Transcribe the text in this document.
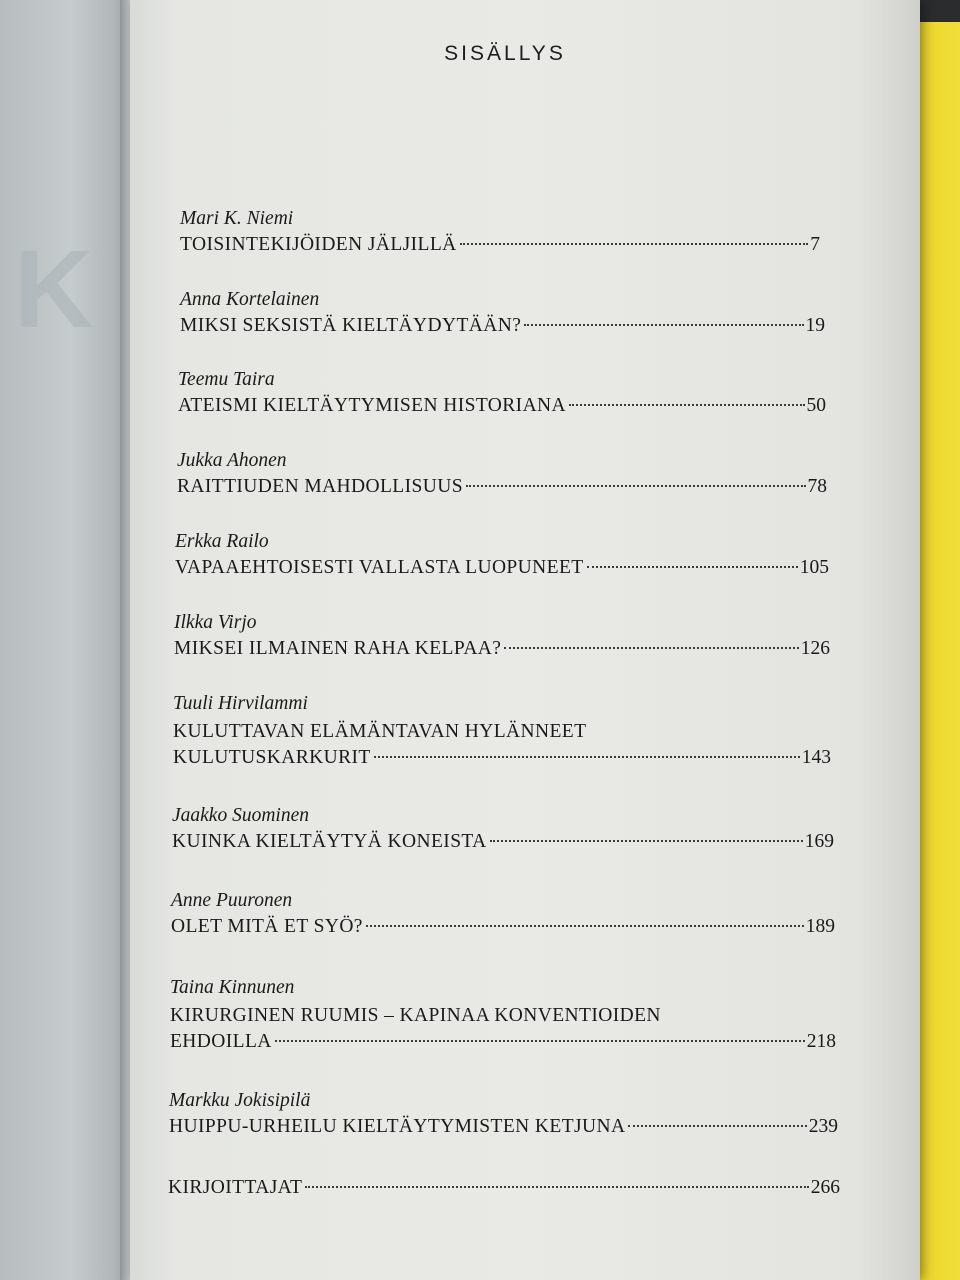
K
SISÄLLYS
Mari K. Niemi
TOISINTEKIJÖIDEN JÄLJILLÄ	7
Anna Kortelainen
MIKSI SEKSISTÄ KIELTÄYDYTÄÄN?	19
Teemu Taira
ATEISMI KIELTÄYTYMISEN HISTORIANA	50
Jukka Ahonen
RAITTIUDEN MAHDOLLISUUS	78
Erkka Railo
VAPAAEHTOISESTI VALLASTA LUOPUNEET	105
Ilkka Virjo
MIKSEI ILMAINEN RAHA KELPAA?	126
Tuuli Hirvilammi
KULUTTAVAN ELÄMÄNTAVAN HYLÄNNEET
KULUTUSKARKURIT	143
Jaakko Suominen
KUINKA KIELTÄYTYÄ KONEISTA	169
Anne Puuronen
OLET MITÄ ET SYÖ?	189
Taina Kinnunen
KIRURGINEN RUUMIS – KAPINAA KONVENTIOIDEN
EHDOILLA	218
Markku Jokisipilä
HUIPPU-URHEILU KIELTÄYTYMISTEN KETJUNA	239
KIRJOITTAJAT	266
